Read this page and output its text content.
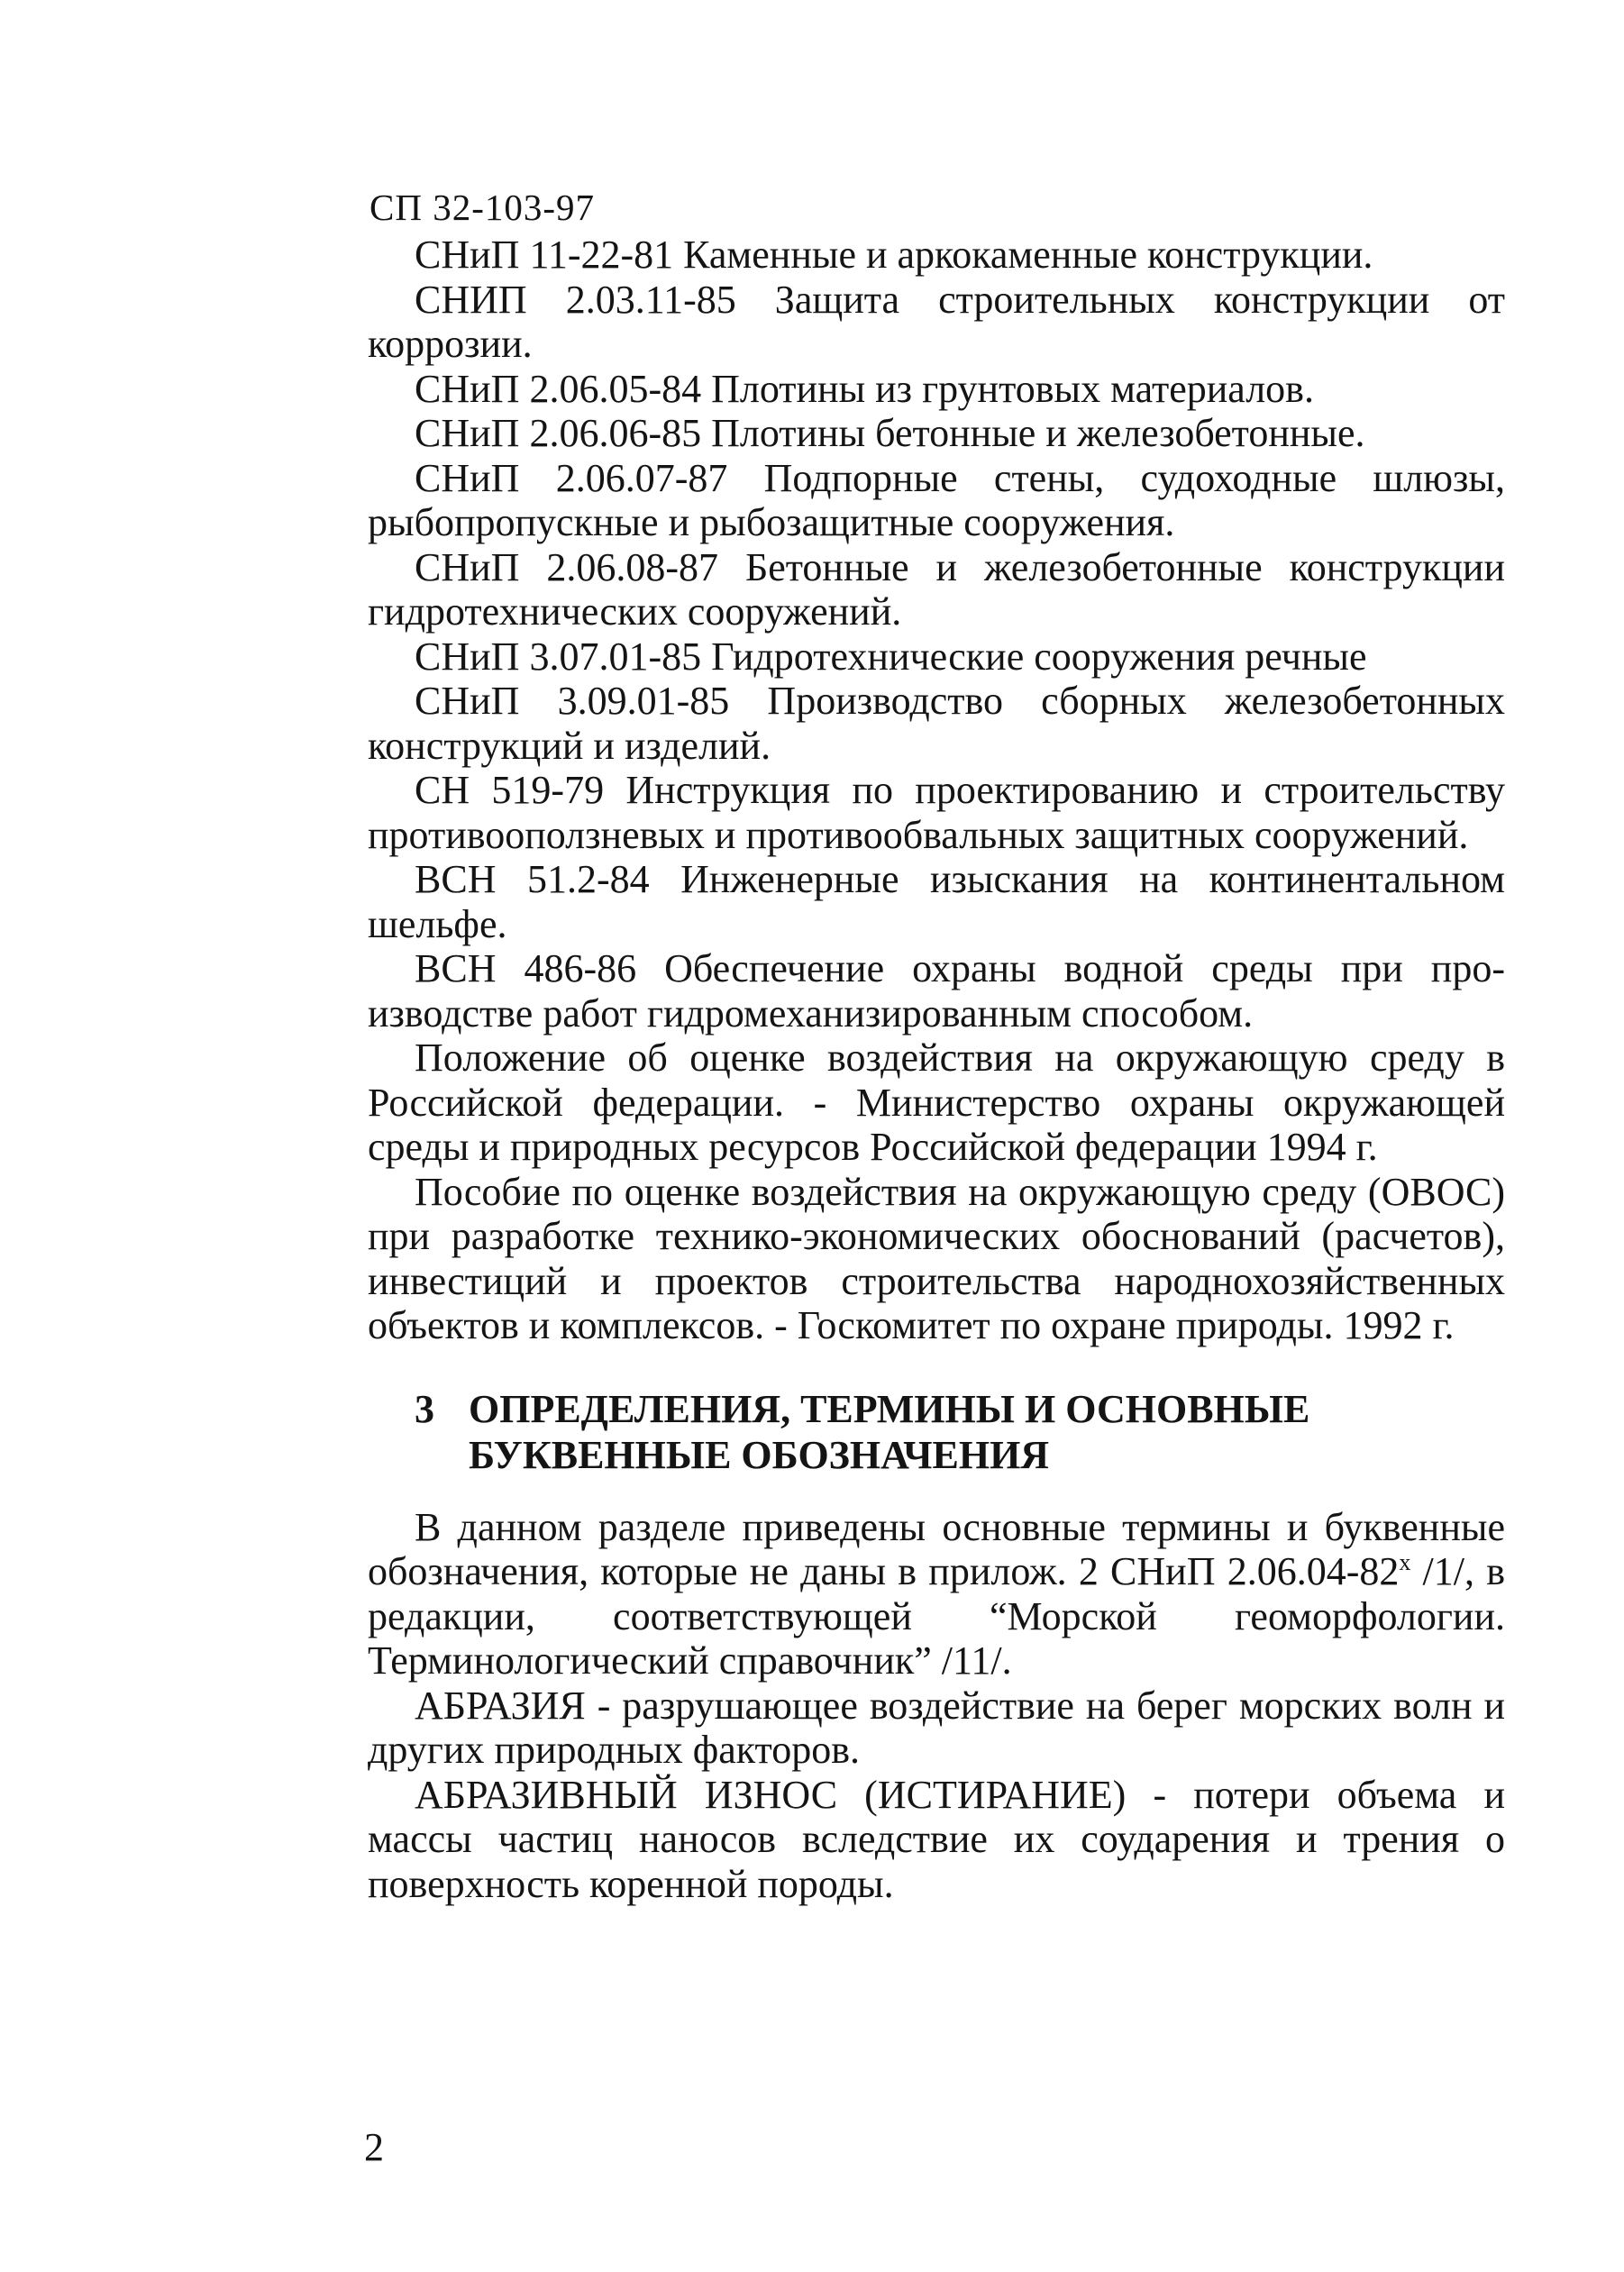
СП 32-103-97

СНиП 11-22-81 Каменные и аркокаменные конструкции.

СНИП 2.03.11-85 Защита строительных конструкции от коррозии.

СНиП 2.06.05-84 Плотины из грунтовых материалов.

СНиП 2.06.06-85 Плотины бетонные и железобетонные.

СНиП 2.06.07-87 Подпорные стены, судоходные шлюзы, рыбопропускные и рыбозащитные сооружения.

СНиП 2.06.08-87 Бетонные и железобетонные конструкции гидротехнических сооружений.

СНиП 3.07.01-85 Гидротехнические сооружения речные

СНиП 3.09.01-85 Производство сборных железобетонных конструкций и изделий.

СН 519-79 Инструкция по проектированию и строительству противооползневых и противообвальных защитных сооружений.

ВСН 51.2-84 Инженерные изыскания на континентальном шельфе.

ВСН 486-86 Обеспечение охраны водной среды при производстве работ гидромеханизированным способом.

Положение об оценке воздействия на окружающую среду в Российской федерации. - Министерство охраны окружающей среды и природных ресурсов Российской федерации 1994 г.

Пособие по оценке воздействия на окружающую среду (ОВОС) при разработке технико-экономических обоснований (расчетов), инвестиций и проектов строительства народнохозяйственных объектов и комплексов. - Госкомитет по охране природы. 1992 г.

3 ОПРЕДЕЛЕНИЯ, ТЕРМИНЫ И ОСНОВНЫЕ
БУКВЕННЫЕ ОБОЗНАЧЕНИЯ

В данном разделе приведены основные термины и буквенные обозначения, которые не даны в прилож. 2 СНиП $2.06.04-82^х$ /1/, в редакции, соответствующей “Морской геоморфологии. Терминологический справочник” /11/.

АБРАЗИЯ - разрушающее воздействие на берег морских волн и других природных факторов.

АБРАЗИВНЫЙ ИЗНОС (ИСТИРАНИЕ) - потери объема и массы частиц наносов вследствие их соударения и трения о поверхность коренной породы.

2
